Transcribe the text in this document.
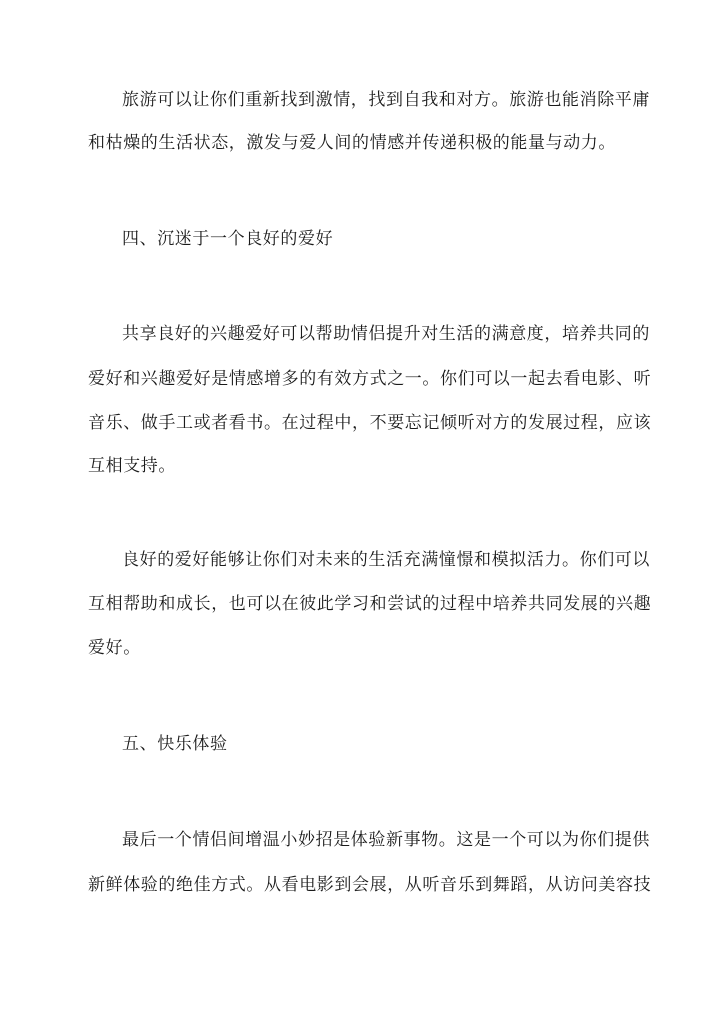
旅游可以让你们重新找到激情，找到自我和对方。旅游也能消除平庸
和枯燥的生活状态，激发与爱人间的情感并传递积极的能量与动力。
四、沉迷于一个良好的爱好
共享良好的兴趣爱好可以帮助情侣提升对生活的满意度，培养共同的
爱好和兴趣爱好是情感增多的有效方式之一。你们可以一起去看电影、听
音乐、做手工或者看书。在过程中，不要忘记倾听对方的发展过程，应该
互相支持。
良好的爱好能够让你们对未来的生活充满憧憬和模拟活力。你们可以
互相帮助和成长，也可以在彼此学习和尝试的过程中培养共同发展的兴趣
爱好。
五、快乐体验
最后一个情侣间增温小妙招是体验新事物。这是一个可以为你们提供
新鲜体验的绝佳方式。从看电影到会展，从听音乐到舞蹈，从访问美容技
